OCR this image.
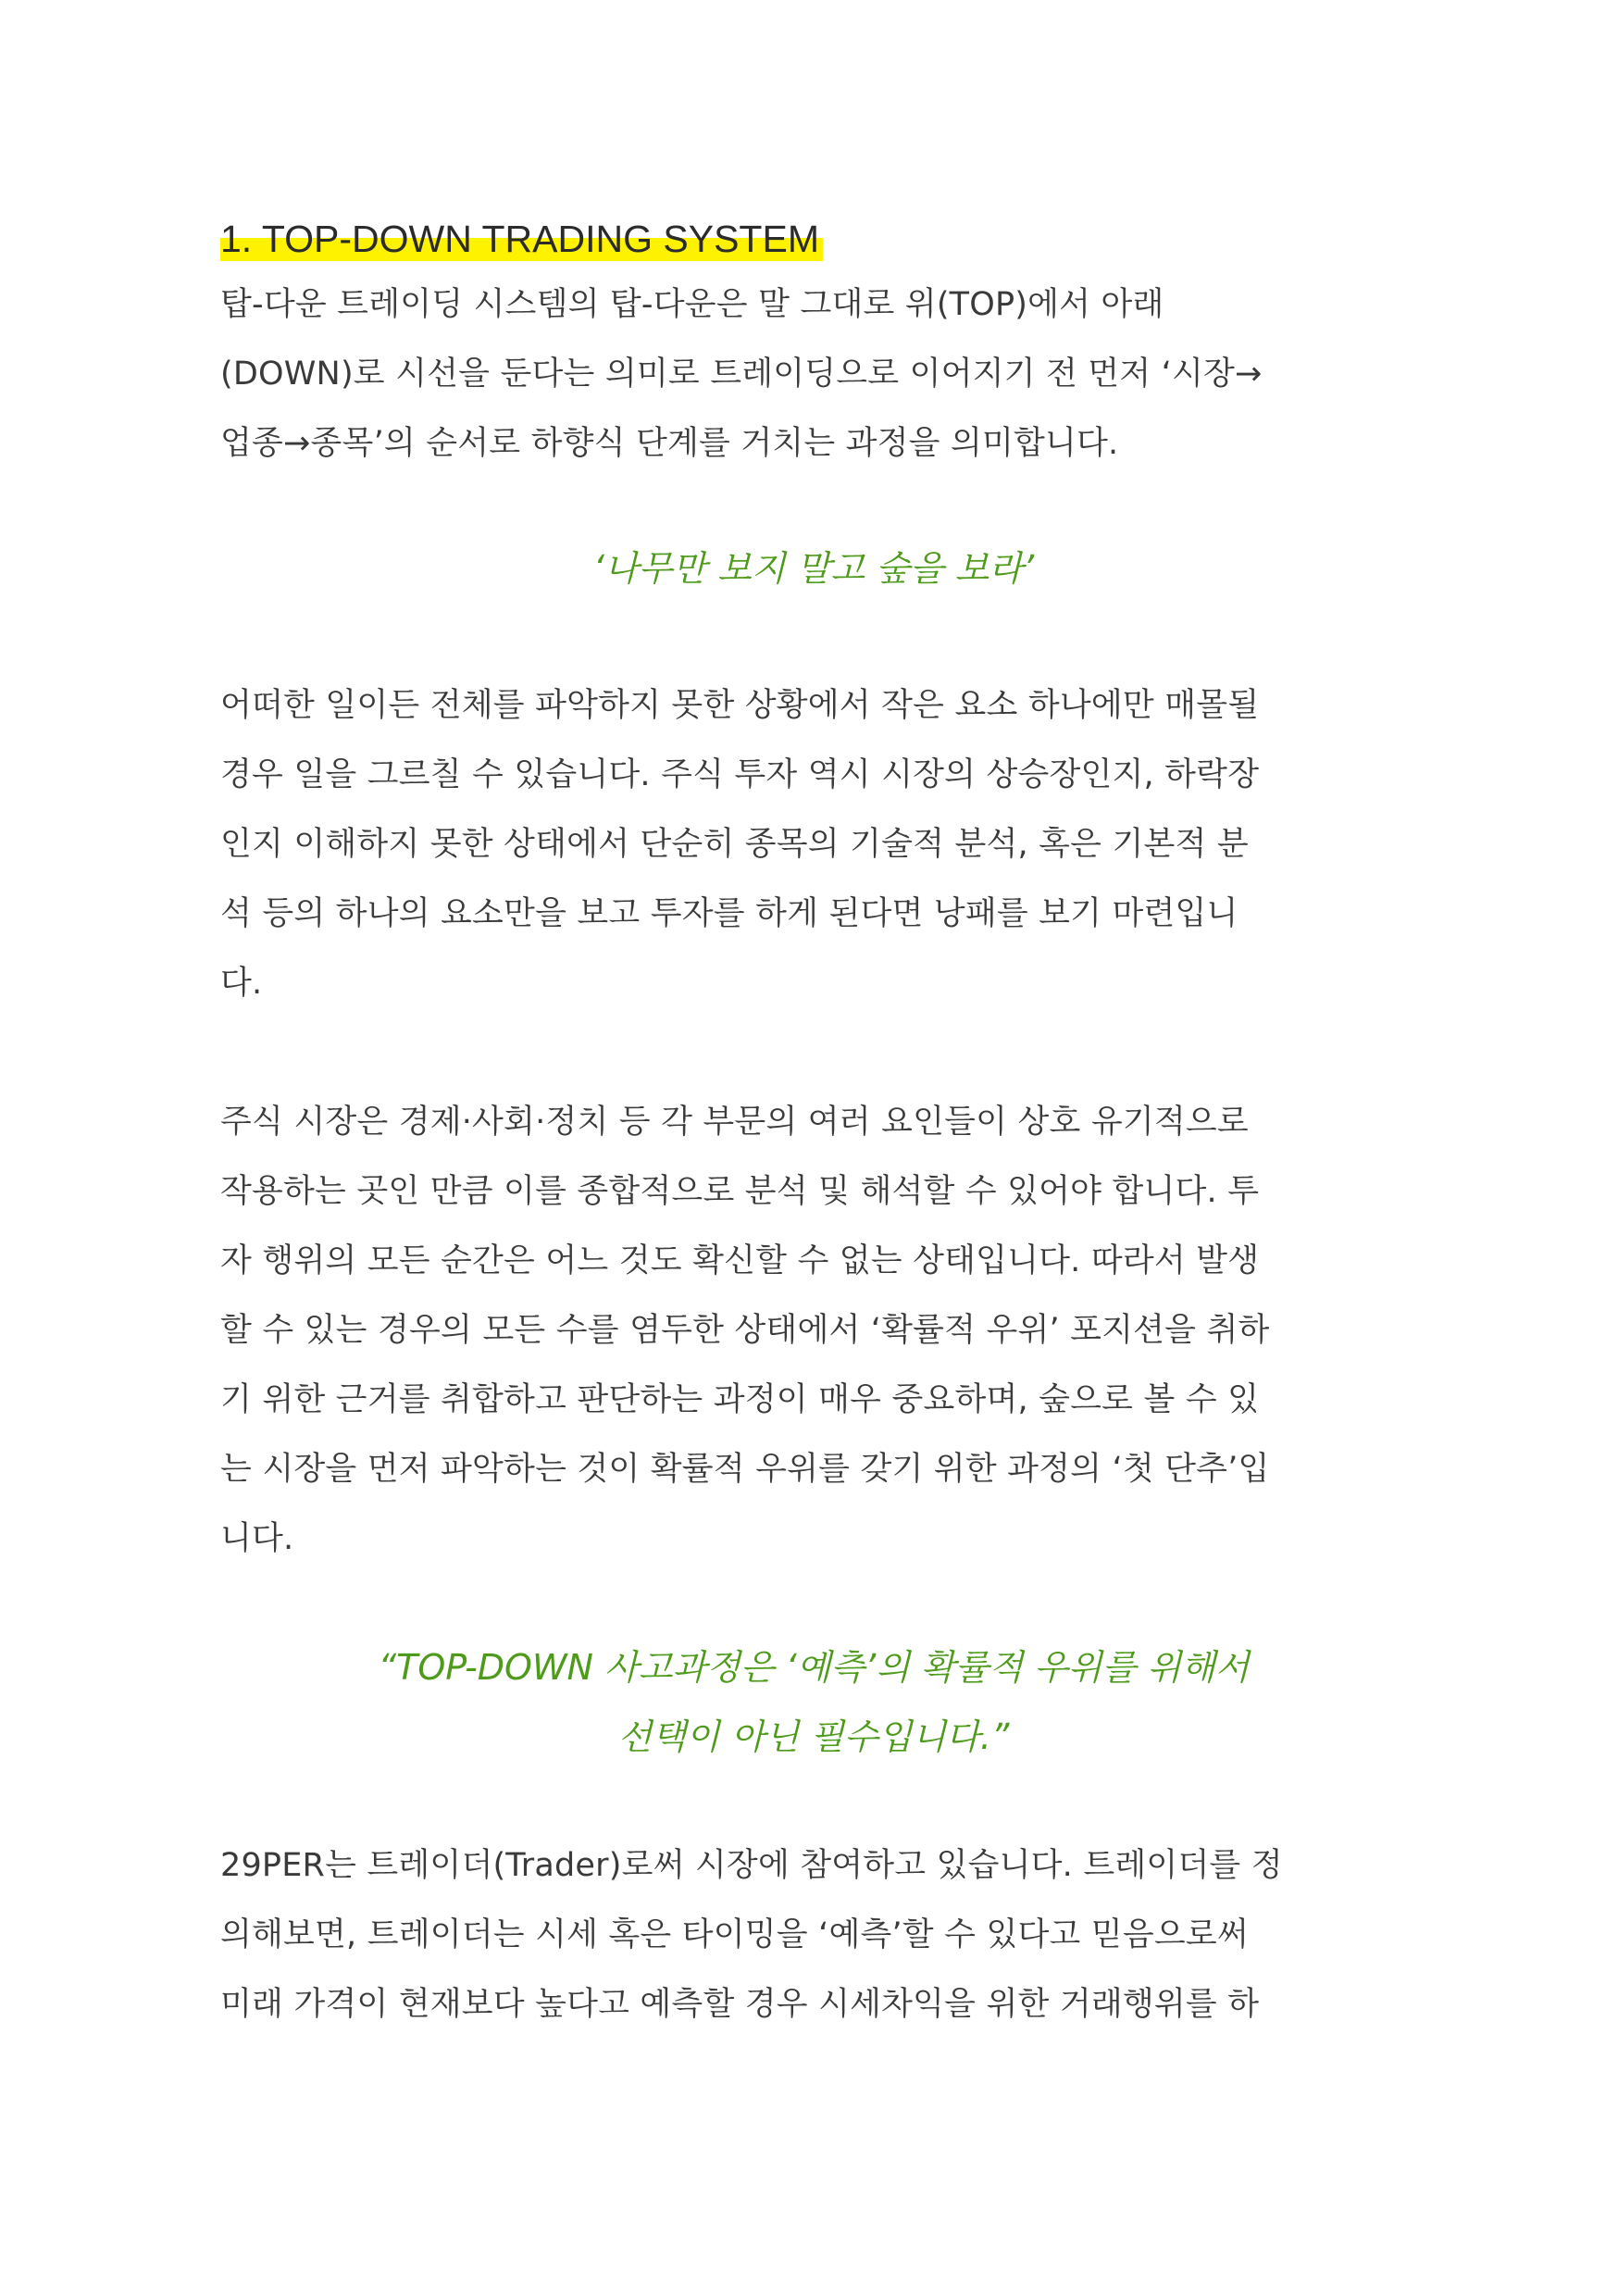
1. TOP-DOWN TRADING SYSTEM

탑-다운 트레이딩 시스템의 탑-다운은 말 그대로 위(TOP)에서 아래
(DOWN)로 시선을 둔다는 의미로 트레이딩으로 이어지기 전 먼저 ‘시장→
업종→종목’의 순서로 하향식 단계를 거치는 과정을 의미합니다.

‘나무만 보지 말고 숲을 보라’

어떠한 일이든 전체를 파악하지 못한 상황에서 작은 요소 하나에만 매몰될
경우 일을 그르칠 수 있습니다. 주식 투자 역시 시장의 상승장인지, 하락장
인지 이해하지 못한 상태에서 단순히 종목의 기술적 분석, 혹은 기본적 분
석 등의 하나의 요소만을 보고 투자를 하게 된다면 낭패를 보기 마련입니
다.

주식 시장은 경제·사회·정치 등 각 부문의 여러 요인들이 상호 유기적으로
작용하는 곳인 만큼 이를 종합적으로 분석 및 해석할 수 있어야 합니다. 투
자 행위의 모든 순간은 어느 것도 확신할 수 없는 상태입니다. 따라서 발생
할 수 있는 경우의 모든 수를 염두한 상태에서 ‘확률적 우위’ 포지션을 취하
기 위한 근거를 취합하고 판단하는 과정이 매우 중요하며, 숲으로 볼 수 있
는 시장을 먼저 파악하는 것이 확률적 우위를 갖기 위한 과정의 ‘첫 단추’입
니다.

“TOP-DOWN 사고과정은 ‘예측’의 확률적 우위를 위해서
선택이 아닌 필수입니다.”

29PER는 트레이더(Trader)로써 시장에 참여하고 있습니다. 트레이더를 정
의해보면, 트레이더는 시세 혹은 타이밍을 ‘예측’할 수 있다고 믿음으로써
미래 가격이 현재보다 높다고 예측할 경우 시세차익을 위한 거래행위를 하
